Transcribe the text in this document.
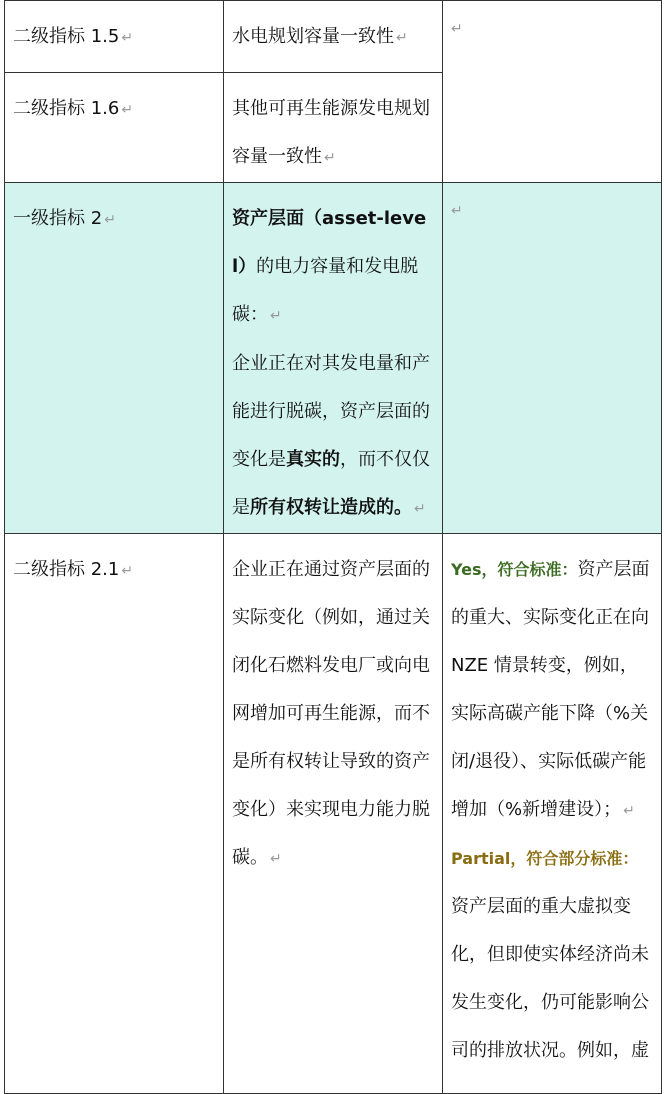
二级指标 1.5 ↵	水电规划容量一致性 ↵	↵

二级指标 1.6 ↵	其他可再生能源发电规划容量一致性 ↵	
一级指标 2 ↵	资产层面（asset-level）的电力容量和发电脱碳： ↵

企业正在对其发电量和产能进行脱碳，资产层面的变化是真实的，而不仅仅是所有权转让造成的。 ↵	↵

二级指标 2.1 ↵	企业正在通过资产层面的实际变化（例如，通过关闭化石燃料发电厂或向电网增加可再生能源，而不是所有权转让导致的资产变化）来实现电力能力脱碳。 ↵	Yes，符合标准：资产层面的重大、实际变化正在向 NZE 情景转变，例如，实际高碳产能下降（%关闭/退役）、实际低碳产能增加（%新增建设）； ↵

Partial，符合部分标准：资产层面的重大虚拟变化，但即使实体经济尚未发生变化，仍可能影响公司的排放状况。例如，虚
